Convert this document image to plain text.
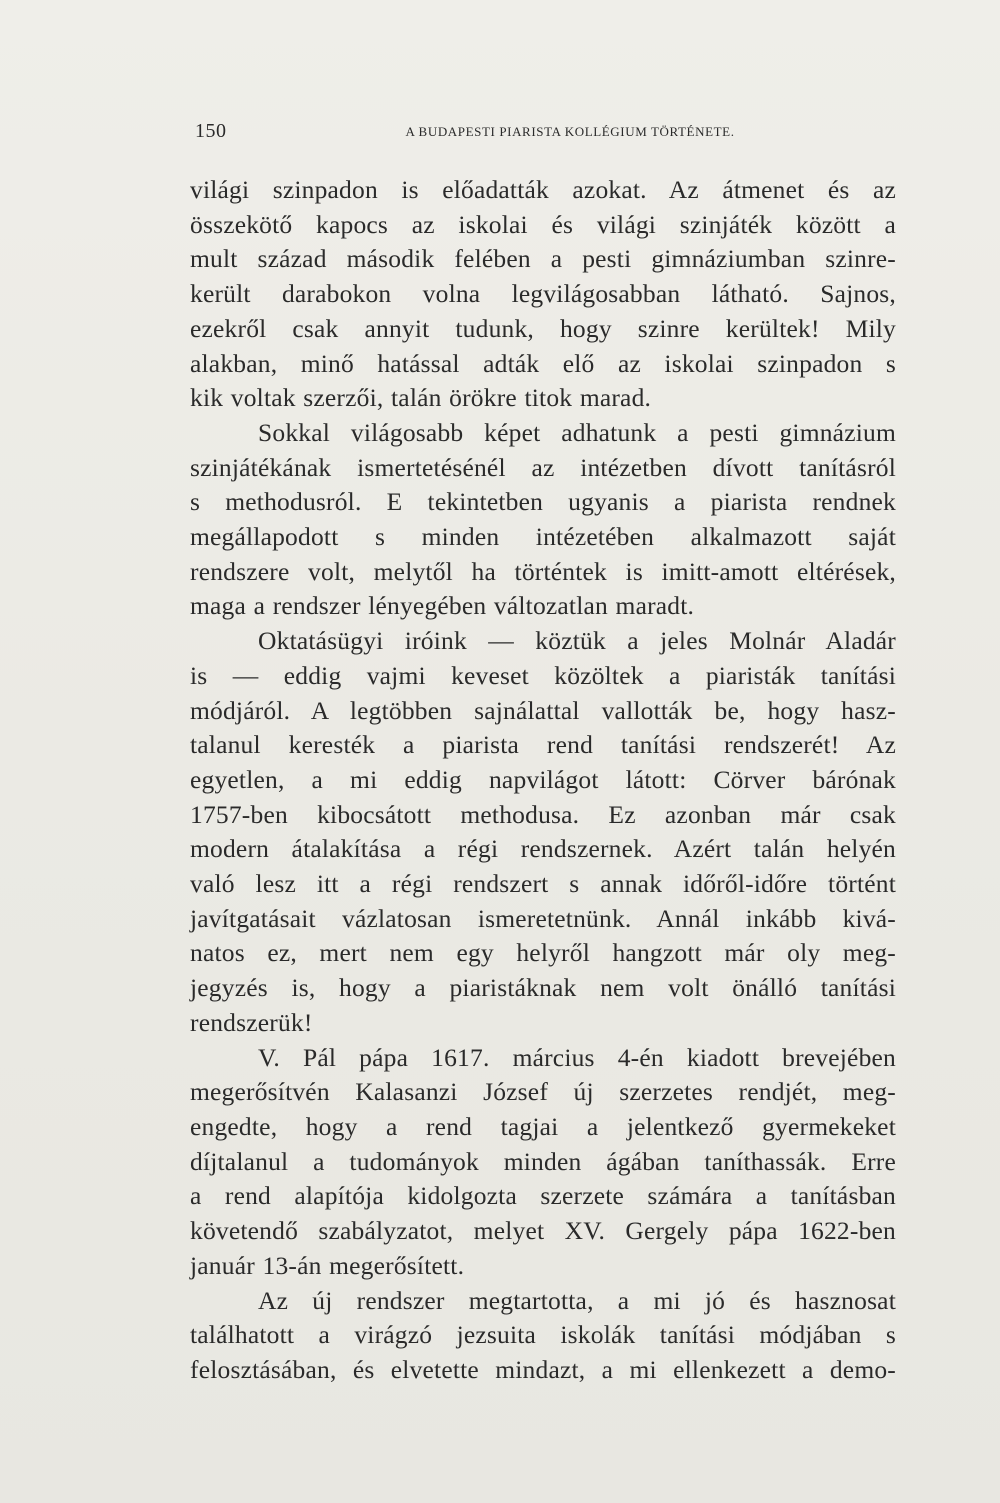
150	A BUDAPESTI PIARISTA KOLLÉGIUM TÖRTÉNETE.
világi szinpadon is előadatták azokat. Az átmenet és az
összekötő kapocs az iskolai és világi szinjáték között a
mult század második felében a pesti gimnáziumban szinre-
került darabokon volna legvilágosabban látható. Sajnos,
ezekről csak annyit tudunk, hogy szinre kerültek! Mily
alakban, minő hatással adták elő az iskolai szinpadon s
kik voltak szerzői, talán örökre titok marad.
Sokkal világosabb képet adhatunk a pesti gimnázium
szinjátékának ismertetésénél az intézetben dívott tanításról
s methodusról. E tekintetben ugyanis a piarista rendnek
megállapodott s minden intézetében alkalmazott saját
rendszere volt, melytől ha történtek is imitt-amott eltérések,
maga a rendszer lényegében változatlan maradt.
Oktatásügyi iróink — köztük a jeles Molnár Aladár
is — eddig vajmi keveset közöltek a piaristák tanítási
módjáról. A legtöbben sajnálattal vallották be, hogy hasz-
talanul keresték a piarista rend tanítási rendszerét! Az
egyetlen, a mi eddig napvilágot látott: Cörver bárónak
1757-ben kibocsátott methodusa. Ez azonban már csak
modern átalakítása a régi rendszernek. Azért talán helyén
való lesz itt a régi rendszert s annak időről-időre történt
javítgatásait vázlatosan ismeretetnünk. Annál inkább kivá-
natos ez, mert nem egy helyről hangzott már oly meg-
jegyzés is, hogy a piaristáknak nem volt önálló tanítási
rendszerük!
V. Pál pápa 1617. március 4-én kiadott brevejében
megerősítvén Kalasanzi József új szerzetes rendjét, meg-
engedte, hogy a rend tagjai a jelentkező gyermekeket
díjtalanul a tudományok minden ágában taníthassák. Erre
a rend alapítója kidolgozta szerzete számára a tanításban
követendő szabályzatot, melyet XV. Gergely pápa 1622-ben
január 13-án megerősített.
Az új rendszer megtartotta, a mi jó és hasznosat
találhatott a virágzó jezsuita iskolák tanítási módjában s
felosztásában, és elvetette mindazt, a mi ellenkezett a demo-
